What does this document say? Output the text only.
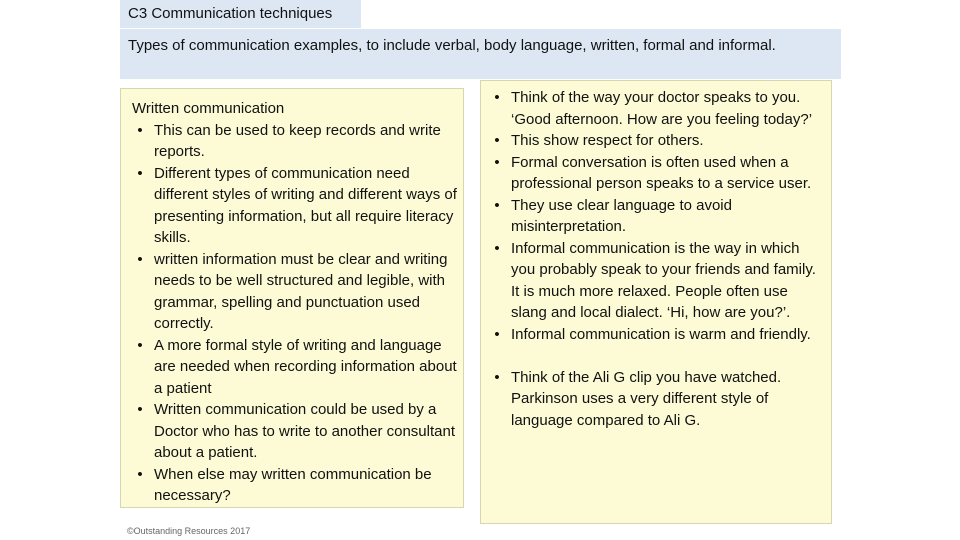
C3 Communication techniques
Types of communication examples, to include verbal, body language, written, formal and informal.
Written communication
• This can be used to keep records and write reports.
• Different types of communication need different styles of writing and different ways of presenting information, but all require literacy skills.
• written information must be clear and writing needs to be well structured and legible, with grammar, spelling and punctuation used correctly.
• A more formal style of writing and language are needed when recording information about a patient
• Written communication could be used by a Doctor who has to write to another consultant about a patient.
• When else may written communication be necessary?
• Think of the way your doctor speaks to you. ‘Good afternoon. How are you feeling today?’
• This show respect for others.
• Formal conversation is often used when a professional person speaks to a service user.
• They use clear language to avoid misinterpretation.
• Informal communication is the way in which you probably speak to your friends and family. It is much more relaxed. People often use slang and local dialect. ‘Hi, how are you?’.
• Informal communication is warm and friendly.
• Think of the Ali G clip you have watched. Parkinson uses a very different style of language compared to Ali G.
©Outstanding Resources 2017
